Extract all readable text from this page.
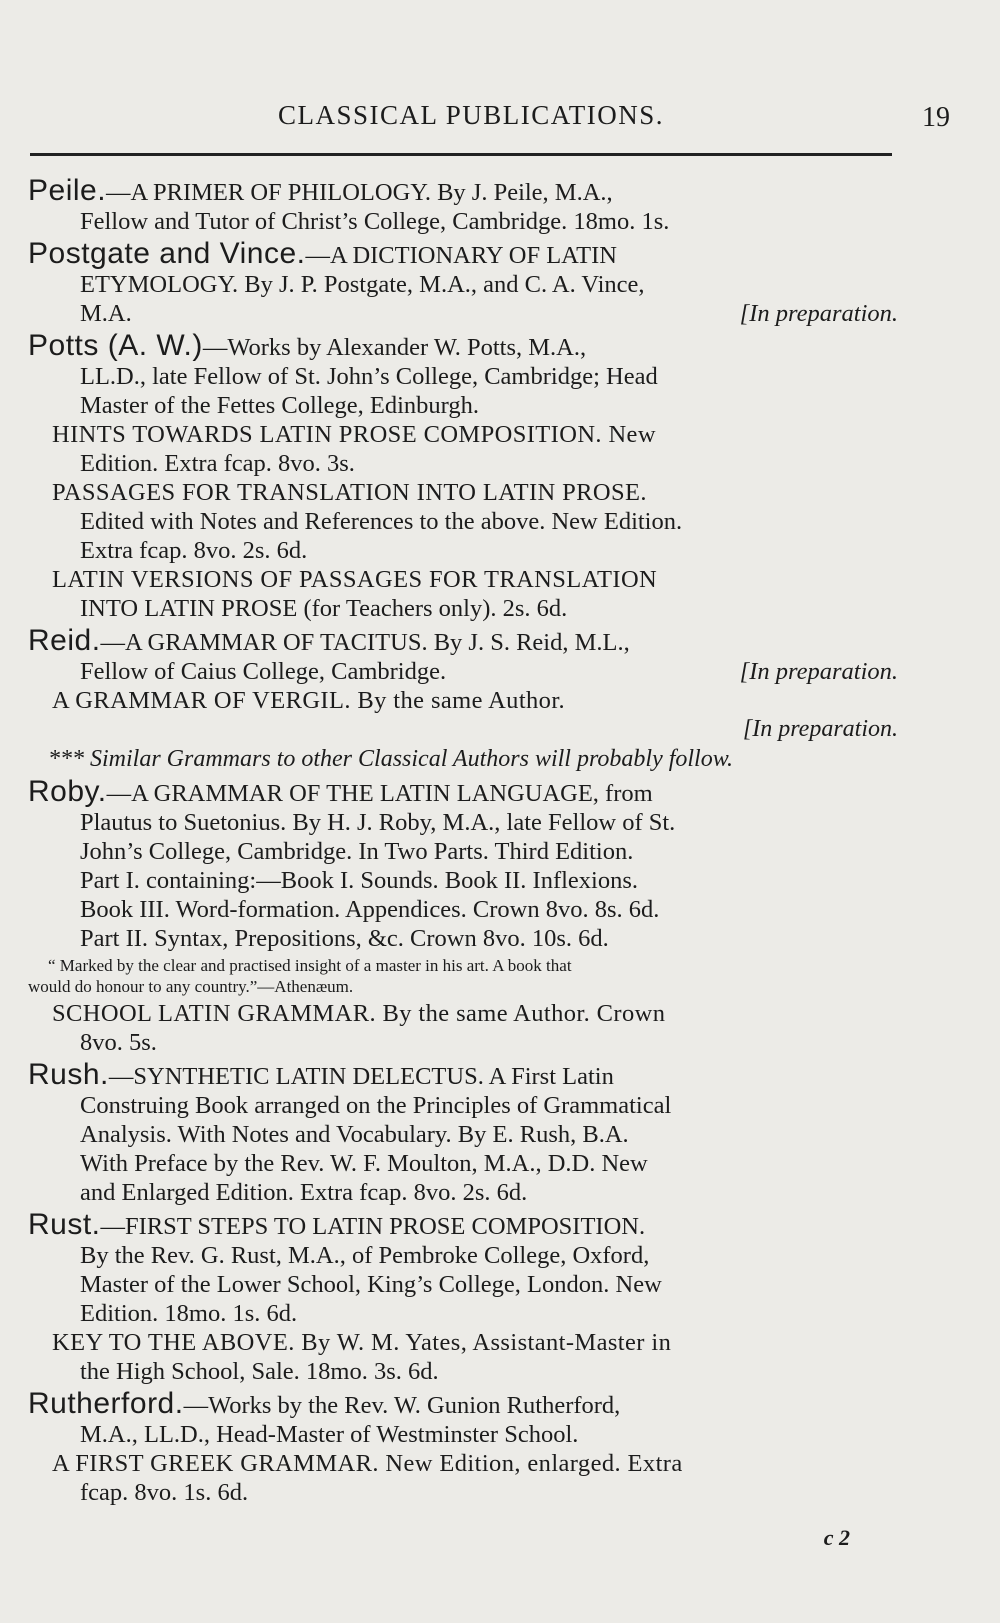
CLASSICAL PUBLICATIONS.	19

Peile.—A PRIMER OF PHILOLOGY. By J. Peile, M.A.,

Fellow and Tutor of Christ’s College, Cambridge. 18mo. 1s.

Postgate and Vince.—A DICTIONARY OF LATIN

ETYMOLOGY. By J. P. Postgate, M.A., and C. A. Vince,

M.A.	[In preparation.

Potts (A. W.)—Works by Alexander W. Potts, M.A.,

LL.D., late Fellow of St. John’s College, Cambridge; Head

Master of the Fettes College, Edinburgh.

HINTS TOWARDS LATIN PROSE COMPOSITION. New

Edition. Extra fcap. 8vo. 3s.

PASSAGES FOR TRANSLATION INTO LATIN PROSE.

Edited with Notes and References to the above. New Edition.

Extra fcap. 8vo. 2s. 6d.

LATIN VERSIONS OF PASSAGES FOR TRANSLATION

INTO LATIN PROSE (for Teachers only). 2s. 6d.

Reid.—A GRAMMAR OF TACITUS. By J. S. Reid, M.L.,

Fellow of Caius College, Cambridge.	[In preparation.

A GRAMMAR OF VERGIL. By the same Author.

[In preparation.

*** Similar Grammars to other Classical Authors will probably follow.

Roby.—A GRAMMAR OF THE LATIN LANGUAGE, from

Plautus to Suetonius. By H. J. Roby, M.A., late Fellow of St.

John’s College, Cambridge. In Two Parts. Third Edition.

Part I. containing:—Book I. Sounds. Book II. Inflexions.

Book III. Word-formation. Appendices. Crown 8vo. 8s. 6d.

Part II. Syntax, Prepositions, &c. Crown 8vo. 10s. 6d.

“ Marked by the clear and practised insight of a master in his art. A book that
would do honour to any country.”—Athenæum.

SCHOOL LATIN GRAMMAR. By the same Author. Crown

8vo. 5s.

Rush.—SYNTHETIC LATIN DELECTUS. A First Latin

Construing Book arranged on the Principles of Grammatical

Analysis. With Notes and Vocabulary. By E. Rush, B.A.

With Preface by the Rev. W. F. Moulton, M.A., D.D. New

and Enlarged Edition. Extra fcap. 8vo. 2s. 6d.

Rust.—FIRST STEPS TO LATIN PROSE COMPOSITION.

By the Rev. G. Rust, M.A., of Pembroke College, Oxford,

Master of the Lower School, King’s College, London. New

Edition. 18mo. 1s. 6d.

KEY TO THE ABOVE. By W. M. Yates, Assistant-Master in

the High School, Sale. 18mo. 3s. 6d.

Rutherford.—Works by the Rev. W. Gunion Rutherford,

M.A., LL.D., Head-Master of Westminster School.

A FIRST GREEK GRAMMAR. New Edition, enlarged. Extra

fcap. 8vo. 1s. 6d.

c 2
